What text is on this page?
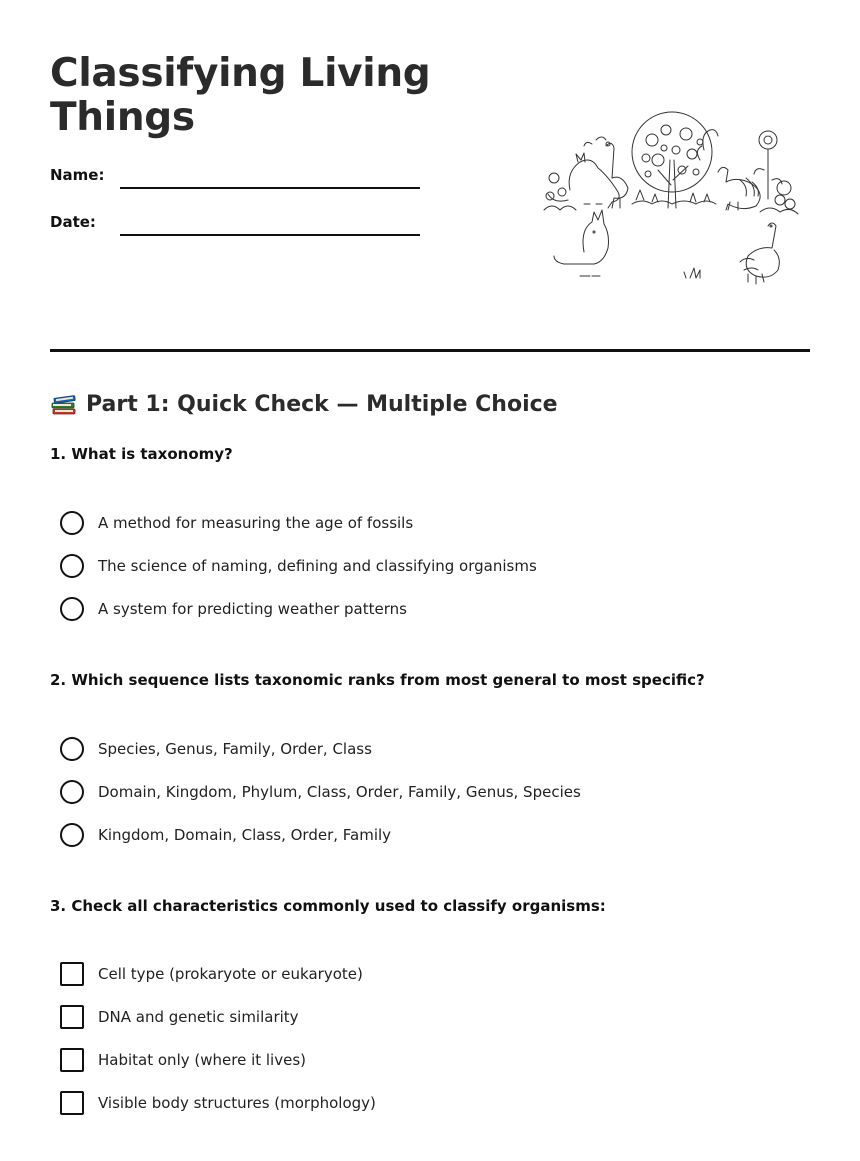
Classifying Living
Things
Name:
Date:
Part 1: Quick Check — Multiple Choice
1. What is taxonomy?
A method for measuring the age of fossils
The science of naming, defining and classifying organisms
A system for predicting weather patterns
2. Which sequence lists taxonomic ranks from most general to most specific?
Species, Genus, Family, Order, Class
Domain, Kingdom, Phylum, Class, Order, Family, Genus, Species
Kingdom, Domain, Class, Order, Family
3. Check all characteristics commonly used to classify organisms:
Cell type (prokaryote or eukaryote)
DNA and genetic similarity
Habitat only (where it lives)
Visible body structures (morphology)
